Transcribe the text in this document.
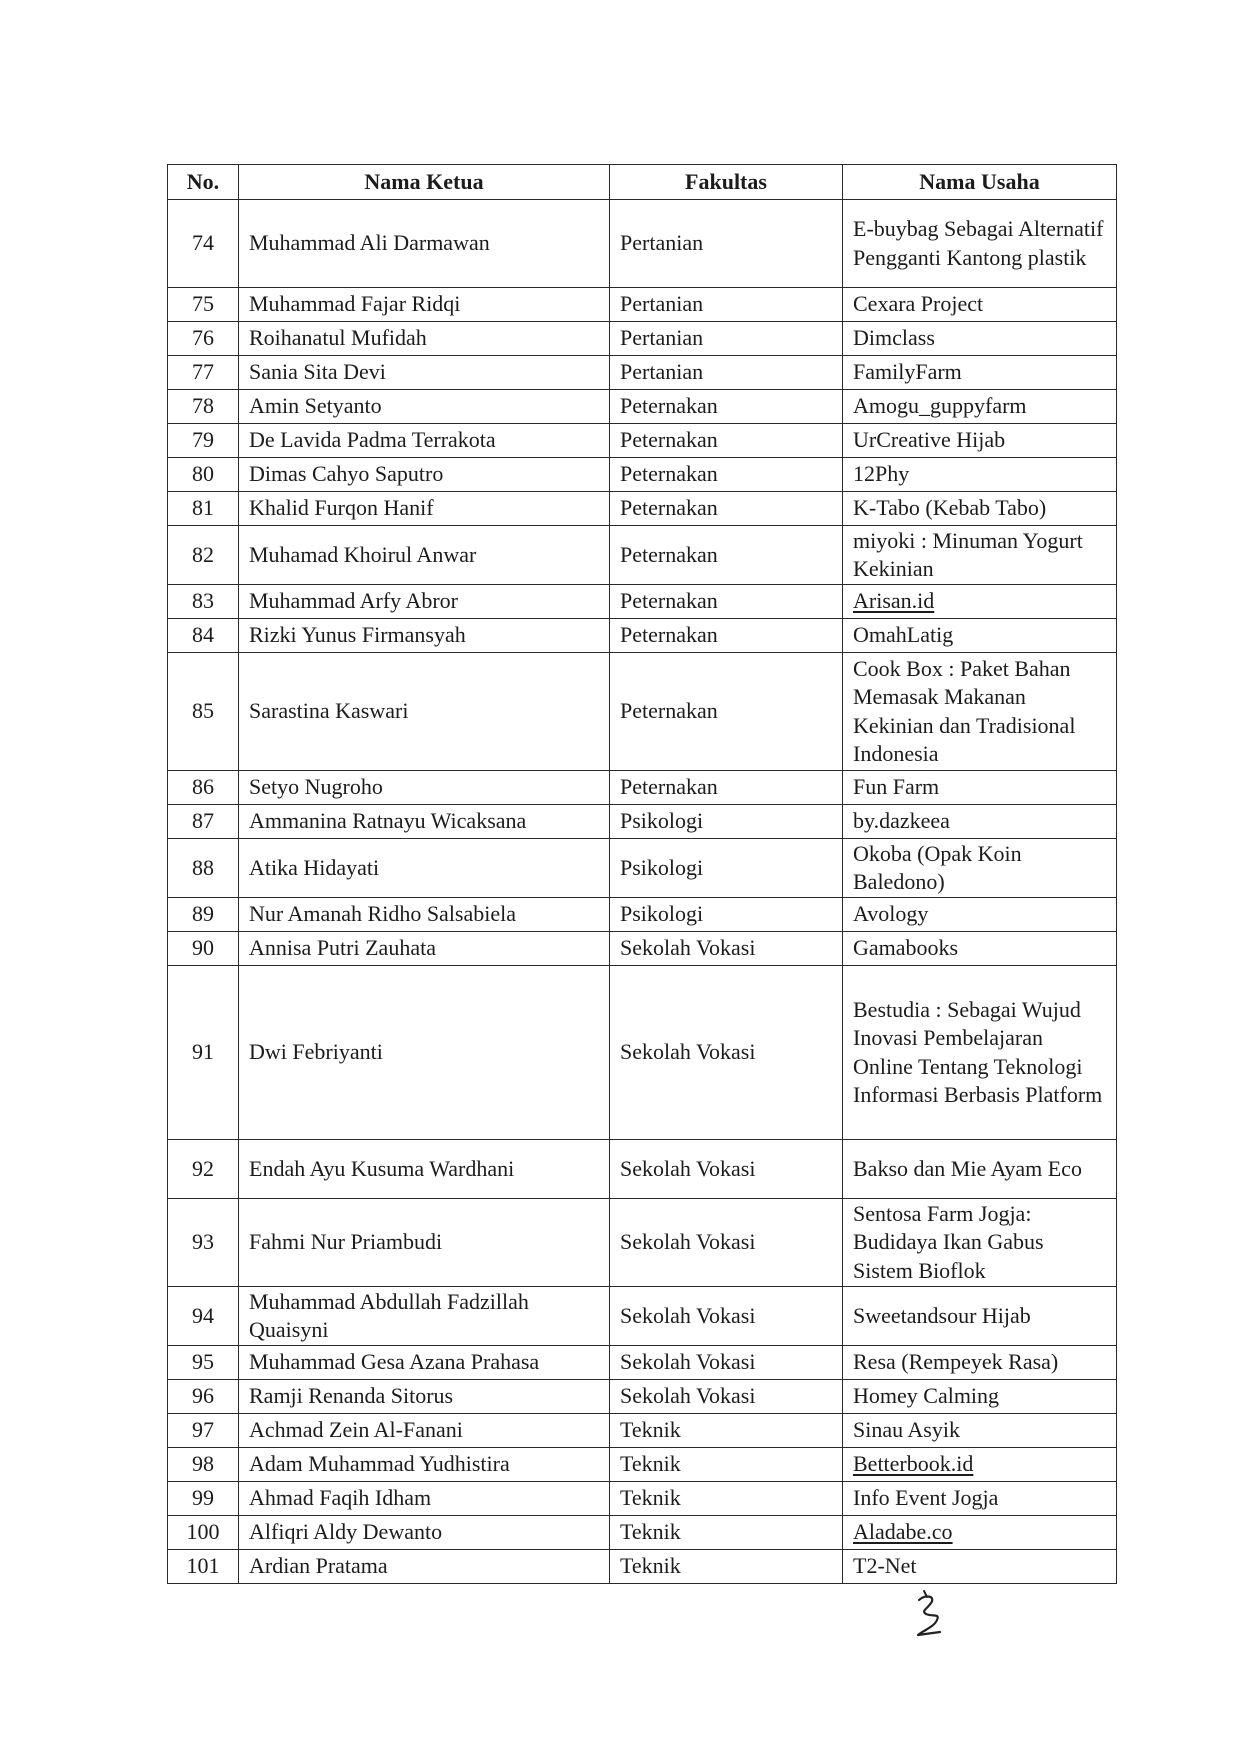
No.	Nama Ketua	Fakultas	Nama Usaha
74	Muhammad Ali Darmawan	Pertanian	E-buybag Sebagai Alternatif Pengganti Kantong plastik
75	Muhammad Fajar Ridqi	Pertanian	Cexara Project
76	Roihanatul Mufidah	Pertanian	Dimclass
77	Sania Sita Devi	Pertanian	FamilyFarm
78	Amin Setyanto	Peternakan	Amogu_guppyfarm
79	De Lavida Padma Terrakota	Peternakan	UrCreative Hijab
80	Dimas Cahyo Saputro	Peternakan	12Phy
81	Khalid Furqon Hanif	Peternakan	K-Tabo (Kebab Tabo)
82	Muhamad Khoirul Anwar	Peternakan	miyoki : Minuman Yogurt Kekinian
83	Muhammad Arfy Abror	Peternakan	Arisan.id
84	Rizki Yunus Firmansyah	Peternakan	OmahLatig
85	Sarastina Kaswari	Peternakan	Cook Box : Paket Bahan Memasak Makanan Kekinian dan Tradisional Indonesia
86	Setyo Nugroho	Peternakan	Fun Farm
87	Ammanina Ratnayu Wicaksana	Psikologi	by.dazkeea
88	Atika Hidayati	Psikologi	Okoba (Opak Koin Baledono)
89	Nur Amanah Ridho Salsabiela	Psikologi	Avology
90	Annisa Putri Zauhata	Sekolah Vokasi	Gamabooks
91	Dwi Febriyanti	Sekolah Vokasi	Bestudia : Sebagai Wujud Inovasi Pembelajaran Online Tentang Teknologi Informasi Berbasis Platform
92	Endah Ayu Kusuma Wardhani	Sekolah Vokasi	Bakso dan Mie Ayam Eco
93	Fahmi Nur Priambudi	Sekolah Vokasi	Sentosa Farm Jogja: Budidaya Ikan Gabus Sistem Bioflok
94	Muhammad Abdullah Fadzillah Quaisyni	Sekolah Vokasi	Sweetandsour Hijab
95	Muhammad Gesa Azana Prahasa	Sekolah Vokasi	Resa (Rempeyek Rasa)
96	Ramji Renanda Sitorus	Sekolah Vokasi	Homey Calming
97	Achmad Zein Al-Fanani	Teknik	Sinau Asyik
98	Adam Muhammad Yudhistira	Teknik	Betterbook.id
99	Ahmad Faqih Idham	Teknik	Info Event Jogja
100	Alfiqri Aldy Dewanto	Teknik	Aladabe.co
101	Ardian Pratama	Teknik	T2-Net
